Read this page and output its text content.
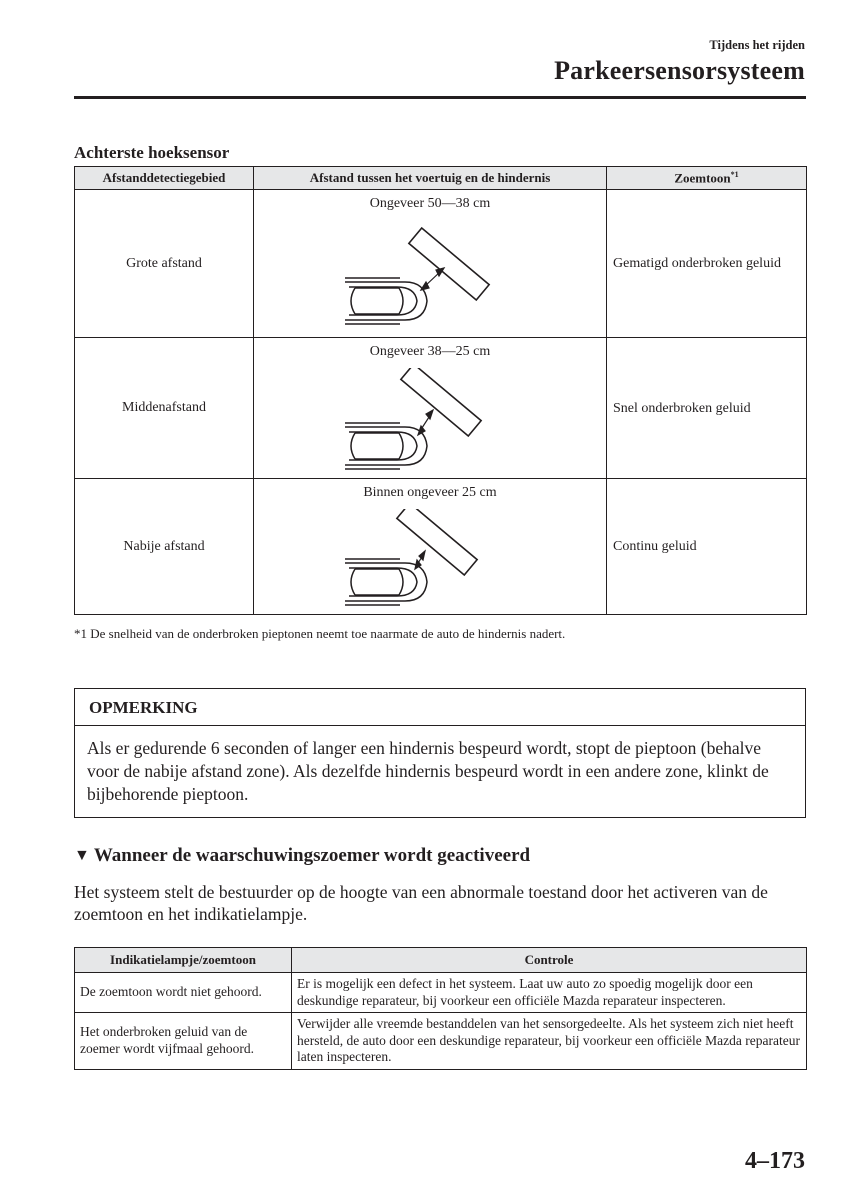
Tijdens het rijden
Parkeersensorsysteem
Achterste hoeksensor
Afstanddetectiegebied	Afstand tussen het voertuig en de hindernis	Zoemtoon$^{*1}$
Grote afstand	Ongeveer 50—38 cm	Gematigd onderbroken geluid
Middenafstand	Ongeveer 38—25 cm	Snel onderbroken geluid
Nabije afstand	Binnen ongeveer 25 cm	Continu geluid
*1 De snelheid van de onderbroken pieptonen neemt toe naarmate de auto de hindernis nadert.
OPMERKING
Als er gedurende 6 seconden of langer een hindernis bespeurd wordt, stopt de pieptoon (behalve voor de nabije afstand zone). Als dezelfde hindernis bespeurd wordt in een andere zone, klinkt de bijbehorende pieptoon.
▼ Wanneer de waarschuwingszoemer wordt geactiveerd
Het systeem stelt de bestuurder op de hoogte van een abnormale toestand door het activeren van de zoemtoon en het indikatielampje.
Indikatielampje/zoemtoon	Controle
De zoemtoon wordt niet gehoord.	Er is mogelijk een defect in het systeem. Laat uw auto zo spoedig mogelijk door een deskundige reparateur, bij voorkeur een officiële Mazda reparateur inspecteren.
Het onderbroken geluid van de zoemer wordt vijfmaal gehoord.	Verwijder alle vreemde bestanddelen van het sensorgedeelte. Als het systeem zich niet heeft hersteld, de auto door een deskundige reparateur, bij voorkeur een officiële Mazda reparateur laten inspecteren.
4–173
